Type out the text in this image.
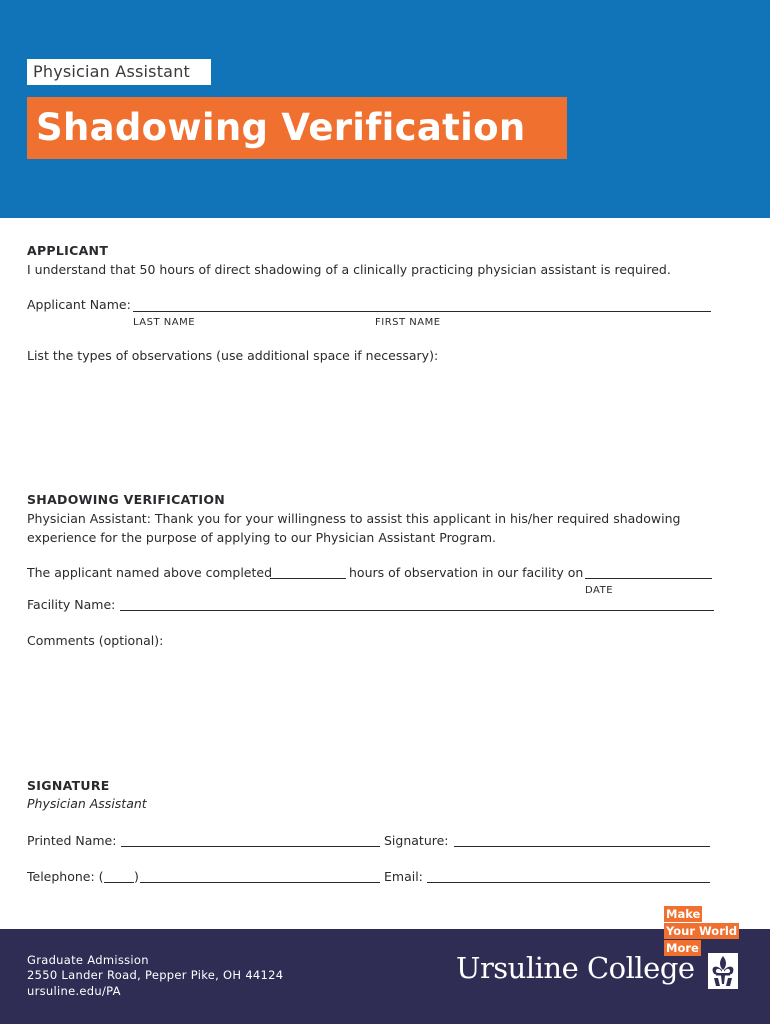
Physician Assistant
Shadowing Verification
APPLICANT
I understand that 50 hours of direct shadowing of a clinically practicing physician assistant is required.
Applicant Name:
LAST NAME	FIRST NAME
List the types of observations (use additional space if necessary):
SHADOWING VERIFICATION
Physician Assistant: Thank you for your willingness to assist this applicant in his/her required shadowing
experience for the purpose of applying to our Physician Assistant Program.
The applicant named above completed	hours of observation in our facility on
DATE
Facility Name:
Comments (optional):
SIGNATURE
Physician Assistant
Printed Name:	Signature:
Telephone: ( )	Email:
Graduate Admission
2550 Lander Road, Pepper Pike, OH 44124
ursuline.edu/PA
Make
Your World
More
Ursuline College
